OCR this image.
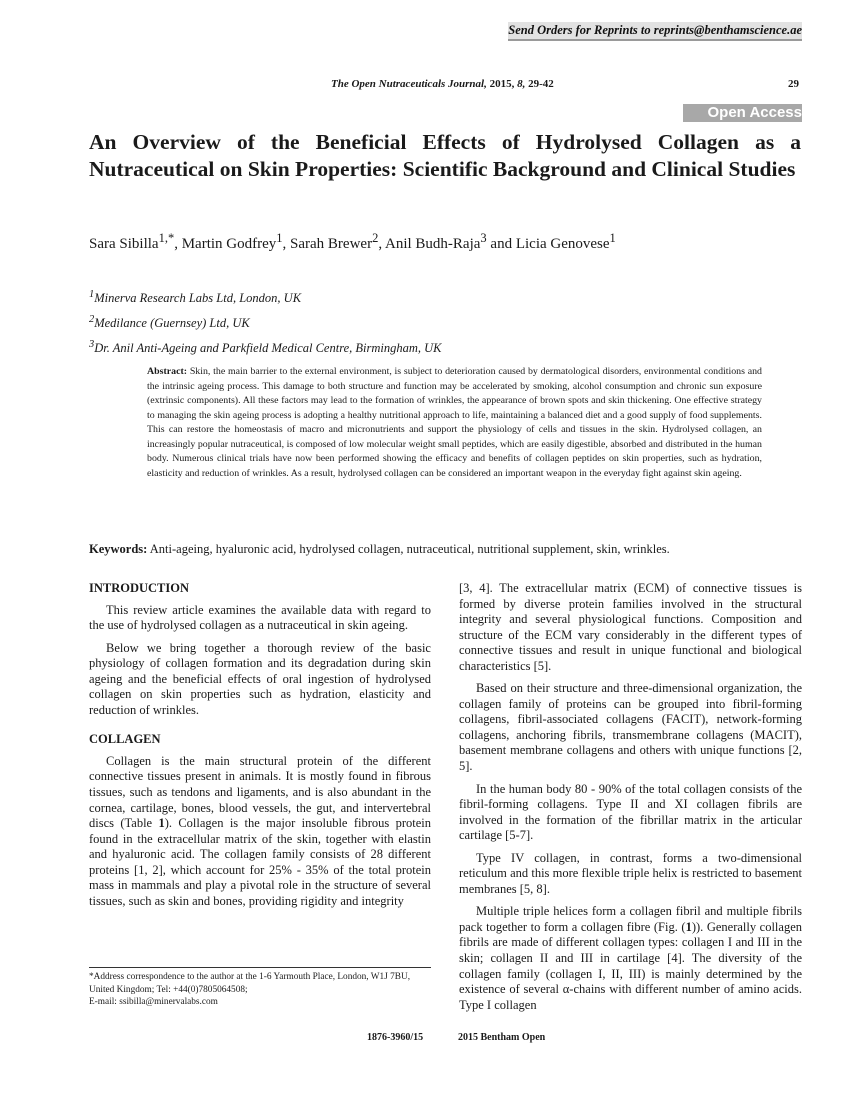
Send Orders for Reprints to reprints@benthamscience.ae
The Open Nutraceuticals Journal, 2015, 8, 29-42	29
Open Access
An Overview of the Beneficial Effects of Hydrolysed Collagen as a Nutraceutical on Skin Properties: Scientific Background and Clinical Studies
Sara Sibilla$^{1,*}$, Martin Godfrey$^1$, Sarah Brewer$^2$, Anil Budh-Raja$^3$ and Licia Genovese$^1$
$^1$Minerva Research Labs Ltd, London, UK
$^2$Medilance (Guernsey) Ltd, UK
$^3$Dr. Anil Anti-Ageing and Parkfield Medical Centre, Birmingham, UK
Abstract: Skin, the main barrier to the external environment, is subject to deterioration caused by dermatological disorders, environmental conditions and the intrinsic ageing process. This damage to both structure and function may be accelerated by smoking, alcohol consumption and chronic sun exposure (extrinsic components). All these factors may lead to the formation of wrinkles, the appearance of brown spots and skin thickening. One effective strategy to managing the skin ageing process is adopting a healthy nutritional approach to life, maintaining a balanced diet and a good supply of food supplements. This can restore the homeostasis of macro and micronutrients and support the physiology of cells and tissues in the skin. Hydrolysed collagen, an increasingly popular nutraceutical, is composed of low molecular weight small peptides, which are easily digestible, absorbed and distributed in the human body. Numerous clinical trials have now been performed showing the efficacy and benefits of collagen peptides on skin properties, such as hydration, elasticity and reduction of wrinkles. As a result, hydrolysed collagen can be considered an important weapon in the everyday fight against skin ageing.
Keywords: Anti-ageing, hyaluronic acid, hydrolysed collagen, nutraceutical, nutritional supplement, skin, wrinkles.
INTRODUCTION

This review article examines the available data with regard to the use of hydrolysed collagen as a nutraceutical in skin ageing.

Below we bring together a thorough review of the basic physiology of collagen formation and its degradation during skin ageing and the beneficial effects of oral ingestion of hydrolysed collagen on skin properties such as hydration, elasticity and reduction of wrinkles.

COLLAGEN

Collagen is the main structural protein of the different connective tissues present in animals. It is mostly found in fibrous tissues, such as tendons and ligaments, and is also abundant in the cornea, cartilage, bones, blood vessels, the gut, and intervertebral discs (Table 1). Collagen is the major insoluble fibrous protein found in the extracellular matrix of the skin, together with elastin and hyaluronic acid. The collagen family consists of 28 different proteins [1, 2], which account for 25% - 35% of the total protein mass in mammals and play a pivotal role in the structure of several tissues, such as skin and bones, providing rigidity and integrity

[3, 4]. The extracellular matrix (ECM) of connective tissues is formed by diverse protein families involved in the structural integrity and several physiological functions. Composition and structure of the ECM vary considerably in the different types of connective tissues and result in unique functional and biological characteristics [5].

Based on their structure and three-dimensional organization, the collagen family of proteins can be grouped into fibril-forming collagens, fibril-associated collagens (FACIT), network-forming collagens, anchoring fibrils, transmembrane collagens (MACIT), basement membrane collagens and others with unique functions [2, 5].

In the human body 80 - 90% of the total collagen consists of the fibril-forming collagens. Type II and XI collagen fibrils are involved in the formation of the fibrillar matrix in the articular cartilage [5-7].

Type IV collagen, in contrast, forms a two-dimensional reticulum and this more flexible triple helix is restricted to basement membranes [5, 8].

Multiple triple helices form a collagen fibril and multiple fibrils pack together to form a collagen fibre (Fig. (1)). Generally collagen fibrils are made of different collagen types: collagen I and III in the skin; collagen II and III in cartilage [4]. The diversity of the collagen family (collagen I, II, III) is mainly determined by the existence of several α-chains with different number of amino acids. Type I collagen

*Address correspondence to the author at the 1-6 Yarmouth Place, London, W1J 7BU, United Kingdom; Tel: +44(0)7805064508;
E-mail: ssibilla@minervalabs.com
1876-3960/15	2015 Bentham Open
